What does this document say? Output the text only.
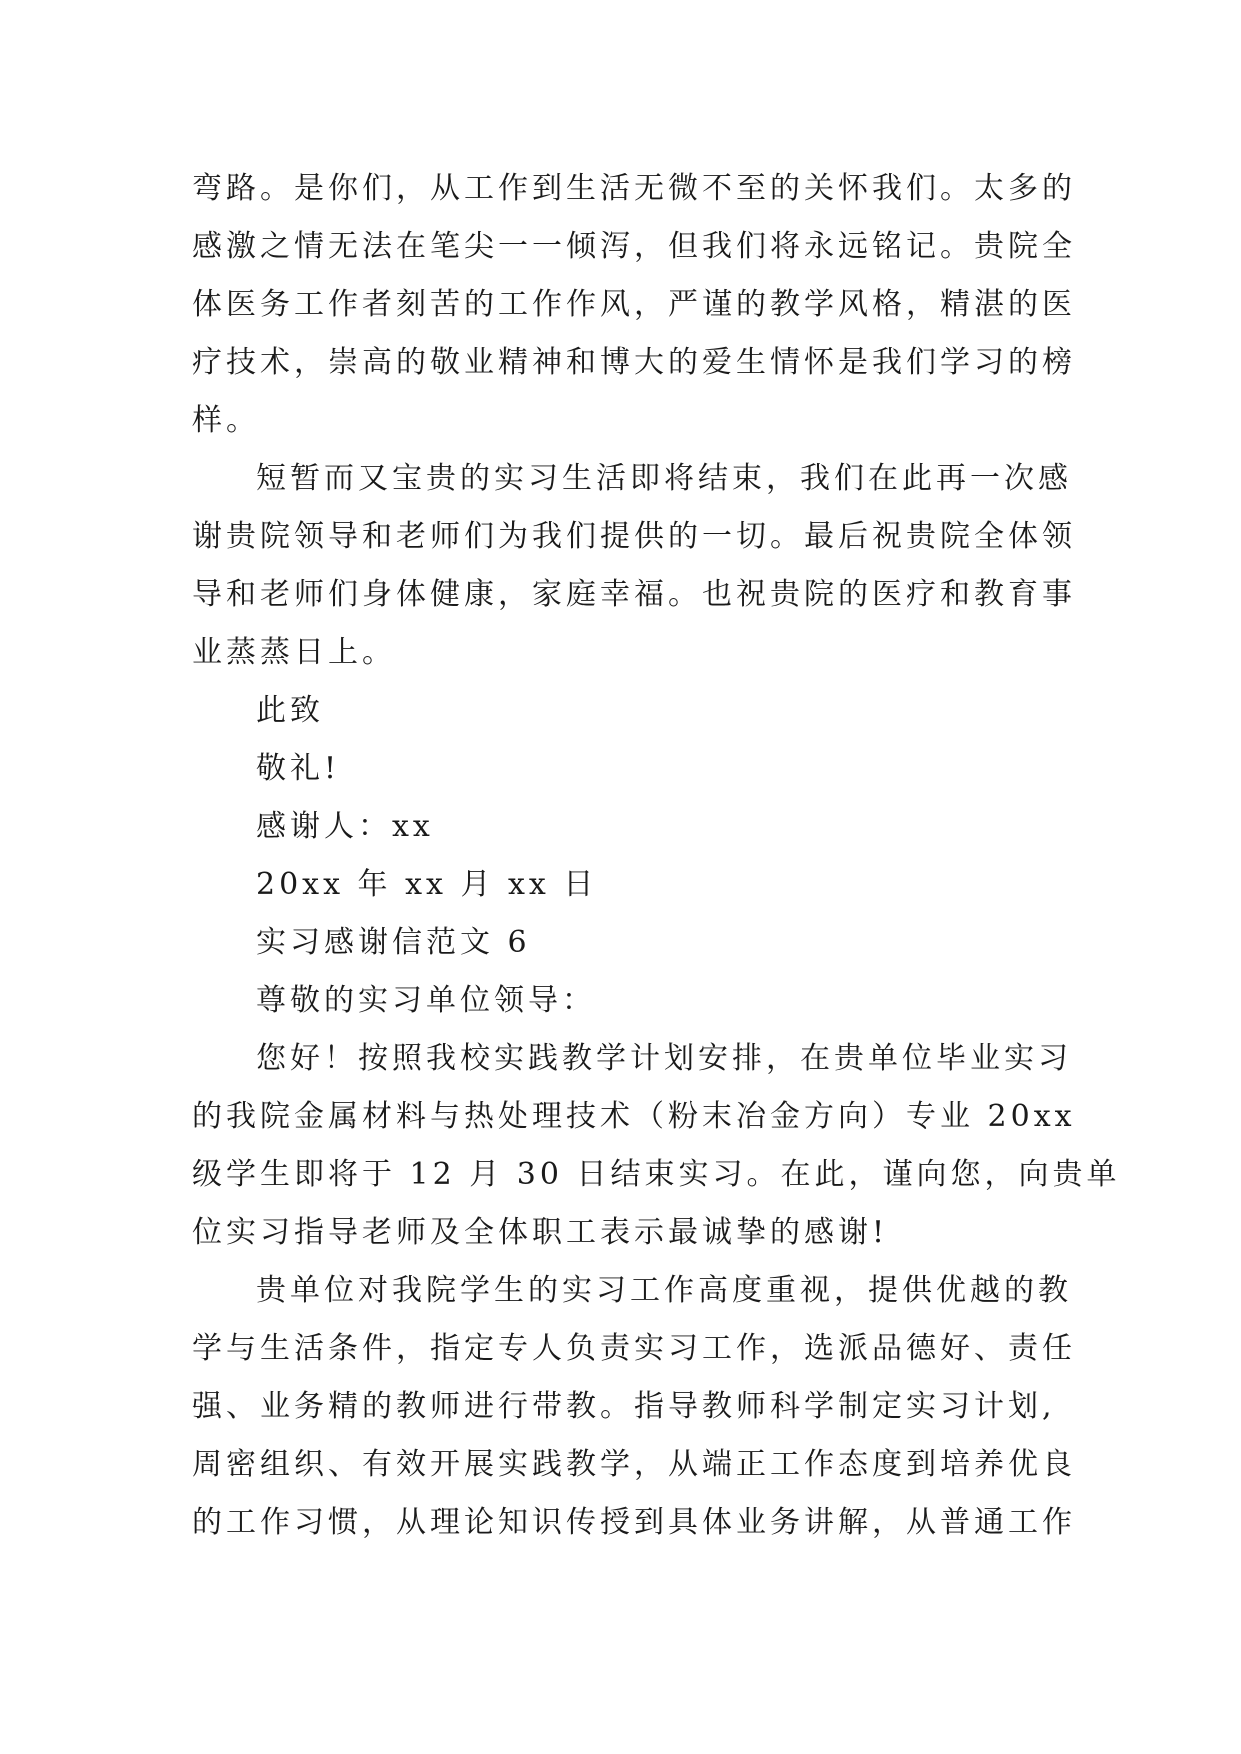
弯路。是你们，从工作到生活无微不至的关怀我们。太多的
感激之情无法在笔尖一一倾泻，但我们将永远铭记。贵院全
体医务工作者刻苦的工作作风，严谨的教学风格，精湛的医
疗技术，崇高的敬业精神和博大的爱生情怀是我们学习的榜
样。
短暂而又宝贵的实习生活即将结束，我们在此再一次感
谢贵院领导和老师们为我们提供的一切。最后祝贵院全体领
导和老师们身体健康，家庭幸福。也祝贵院的医疗和教育事
业蒸蒸日上。
此致
敬礼!
感谢人：xx
20xx 年 xx 月 xx 日
实习感谢信范文 6
尊敬的实习单位领导：
您好！按照我校实践教学计划安排，在贵单位毕业实习
的我院金属材料与热处理技术（粉末冶金方向）专业 20xx
级学生即将于 12 月 30 日结束实习。在此，谨向您，向贵单
位实习指导老师及全体职工表示最诚挚的感谢!
贵单位对我院学生的实习工作高度重视，提供优越的教
学与生活条件，指定专人负责实习工作，选派品德好、责任
强、业务精的教师进行带教。指导教师科学制定实习计划,
周密组织、有效开展实践教学，从端正工作态度到培养优良
的工作习惯，从理论知识传授到具体业务讲解，从普通工作
